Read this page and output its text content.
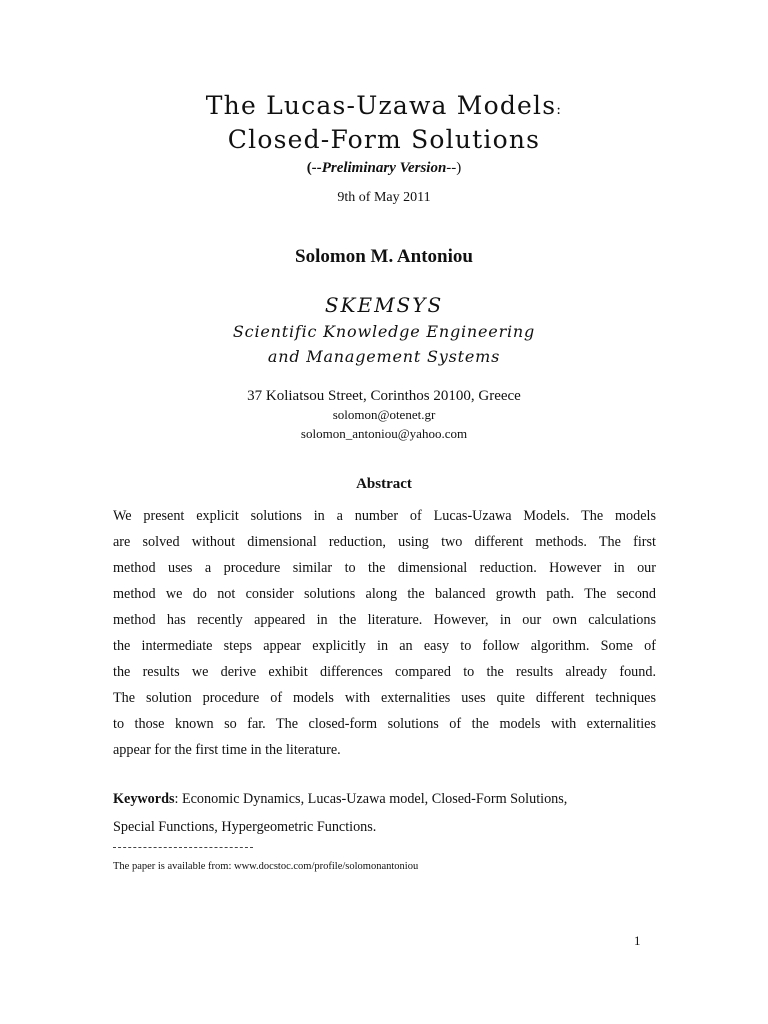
The Lucas-Uzawa Models:
Closed-Form Solutions
(--Preliminary Version--)
9th of May 2011
Solomon M. Antoniou
SKEMSYS
Scientific Knowledge Engineering
and Management Systems
37 Koliatsou Street, Corinthos 20100, Greece
solomon@otenet.gr
solomon_antoniou@yahoo.com
Abstract
We present explicit solutions in a number of Lucas-Uzawa Models. The models
are solved without dimensional reduction, using two different methods. The first
method uses a procedure similar to the dimensional reduction. However in our
method we do not consider solutions along the balanced growth path. The second
method has recently appeared in the literature. However, in our own calculations
the intermediate steps appear explicitly in an easy to follow algorithm. Some of
the results we derive exhibit differences compared to the results already found.
The solution procedure of models with externalities uses quite different techniques
to those known so far. The closed-form solutions of the models with externalities
appear for the first time in the literature.
Keywords: Economic Dynamics, Lucas-Uzawa model, Closed-Form Solutions,
Special Functions, Hypergeometric Functions.
The paper is available from: www.docstoc.com/profile/solomonantoniou
1
